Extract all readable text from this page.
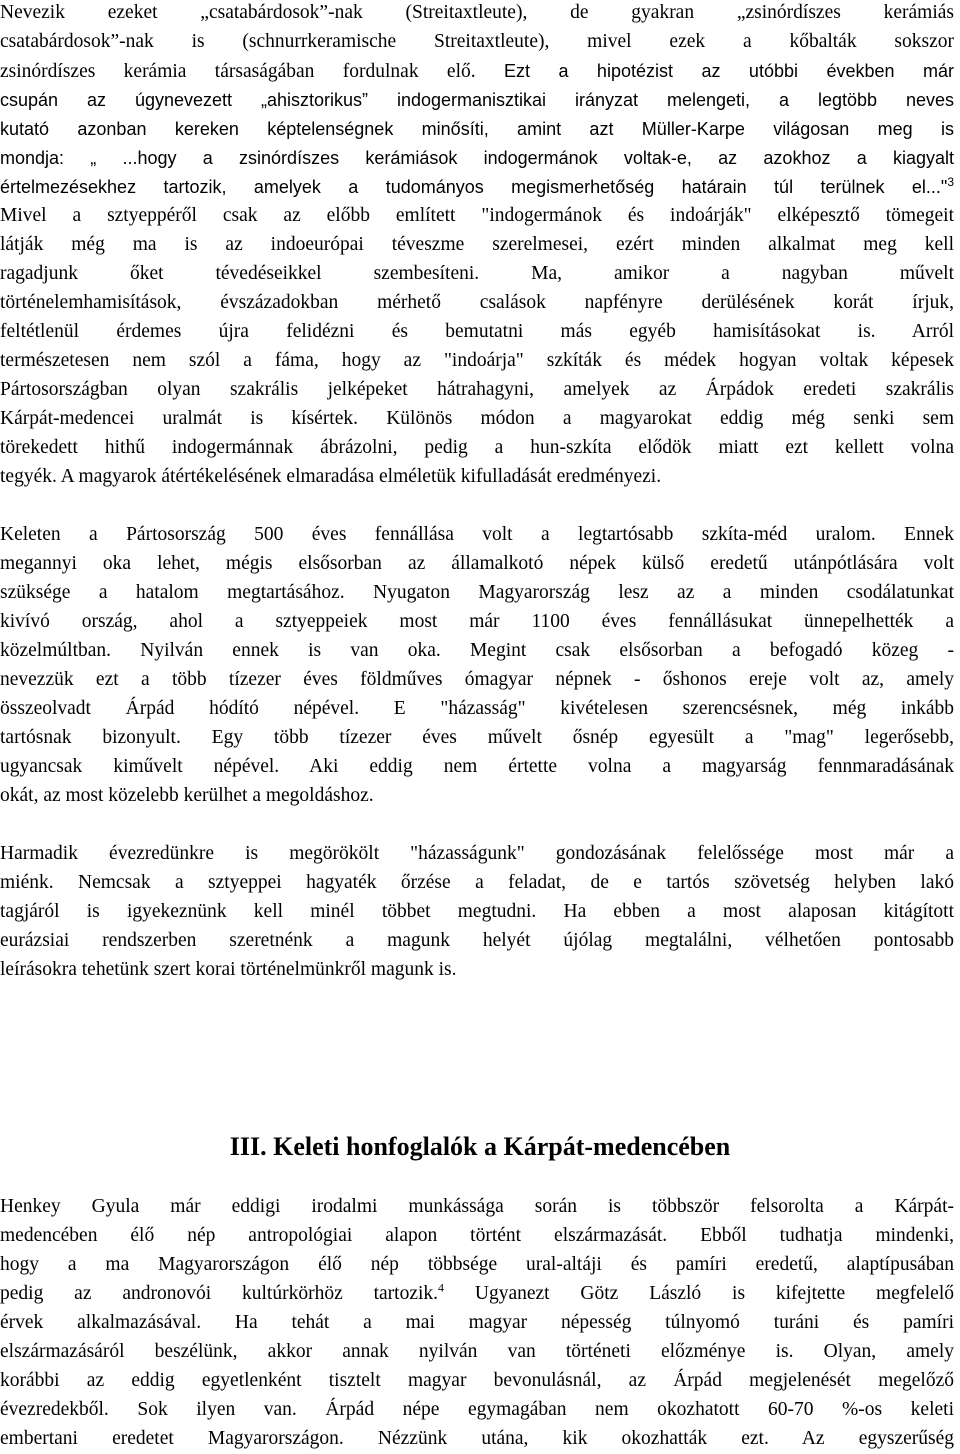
Nevezik ezeket „csatabárdosok”-nak (Streitaxtleute), de gyakran „zsinórdíszes kerámiás
csatabárdosok”-nak is (schnurrkeramische Streitaxtleute), mivel ezek a kőbalták sokszor
zsinórdíszes kerámia társaságában fordulnak elő. Ezt a hipotézist az utóbbi években már
csupán az úgynevezett „ahisztorikus” indogermanisztikai irányzat melengeti, a legtöbb neves
kutató azonban kereken képtelenségnek minősíti, amint azt Müller-Karpe világosan meg is
mondja: „ ...hogy a zsinórdíszes kerámiások indogermánok voltak-e, az azokhoz a kiagyalt
értelmezésekhez tartozik, amelyek a tudományos megismerhetőség határain túl terülnek el..."$^3$
Mivel a sztyeppéről csak az előbb említett "indogermánok és indoárják" elképesztő tömegeit
látják még ma is az indoeurópai téveszme szerelmesei, ezért minden alkalmat meg kell
ragadjunk őket tévedéseikkel szembesíteni. Ma, amikor a nagyban művelt
történelemhamisítások, évszázadokban mérhető csalások napfényre derülésének korát írjuk,
feltétlenül érdemes újra felidézni és bemutatni más egyéb hamisításokat is. Arról
természetesen nem szól a fáma, hogy az "indoárja" szkíták és médek hogyan voltak képesek
Pártosországban olyan szakrális jelképeket hátrahagyni, amelyek az Árpádok eredeti szakrális
Kárpát-medencei uralmát is kísértek. Különös módon a magyarokat eddig még senki sem
törekedett hithű indogermánnak ábrázolni, pedig a hun-szkíta elődök miatt ezt kellett volna
tegyék. A magyarok átértékelésének elmaradása elméletük kifulladását eredményezi.
Keleten a Pártosország 500 éves fennállása volt a legtartósabb szkíta-méd uralom. Ennek
megannyi oka lehet, mégis elsősorban az államalkotó népek külső eredetű utánpótlására volt
szüksége a hatalom megtartásához. Nyugaton Magyarország lesz az a minden csodálatunkat
kivívó ország, ahol a sztyeppeiek most már 1100 éves fennállásukat ünnepelhették a
közelmúltban. Nyilván ennek is van oka. Megint csak elsősorban a befogadó közeg -
nevezzük ezt a több tízezer éves földműves ómagyar népnek - őshonos ereje volt az, amely
összeolvadt Árpád hódító népével. E "házasság" kivételesen szerencsésnek, még inkább
tartósnak bizonyult. Egy több tízezer éves művelt ősnép egyesült a "mag" legerősebb,
ugyancsak kiművelt népével. Aki eddig nem értette volna a magyarság fennmaradásának
okát, az most közelebb kerülhet a megoldáshoz.
Harmadik évezredünkre is megörökölt "házasságunk" gondozásának felelőssége most már a
miénk. Nemcsak a sztyeppei hagyaték őrzése a feladat, de e tartós szövetség helyben lakó
tagjáról is igyekeznünk kell minél többet megtudni. Ha ebben a most alaposan kitágított
eurázsiai rendszerben szeretnénk a magunk helyét újólag megtalálni, vélhetően pontosabb
leírásokra tehetünk szert korai történelmünkről magunk is.
III. Keleti honfoglalók a Kárpát-medencében
Henkey Gyula már eddigi irodalmi munkássága során is többször felsorolta a Kárpát-
medencében élő nép antropológiai alapon történt elszármazását. Ebből tudhatja mindenki,
hogy a ma Magyarországon élő nép többsége ural-altáji és pamíri eredetű, alaptípusában
pedig az andronovói kultúrkörhöz tartozik.$^4$ Ugyanezt Götz László is kifejtette megfelelő
érvek alkalmazásával. Ha tehát a mai magyar népesség túlnyomó turáni és pamíri
elszármazásáról beszélünk, akkor annak nyilván van történeti előzménye is. Olyan, amely
korábbi az eddig egyetlenként tisztelt magyar bevonulásnál, az Árpád megjelenését megelőző
évezredekből. Sok ilyen van. Árpád népe egymagában nem okozhatott 60-70 %-os keleti
embertani eredetet Magyarországon. Nézzünk utána, kik okozhatták ezt. Az egyszerűség
